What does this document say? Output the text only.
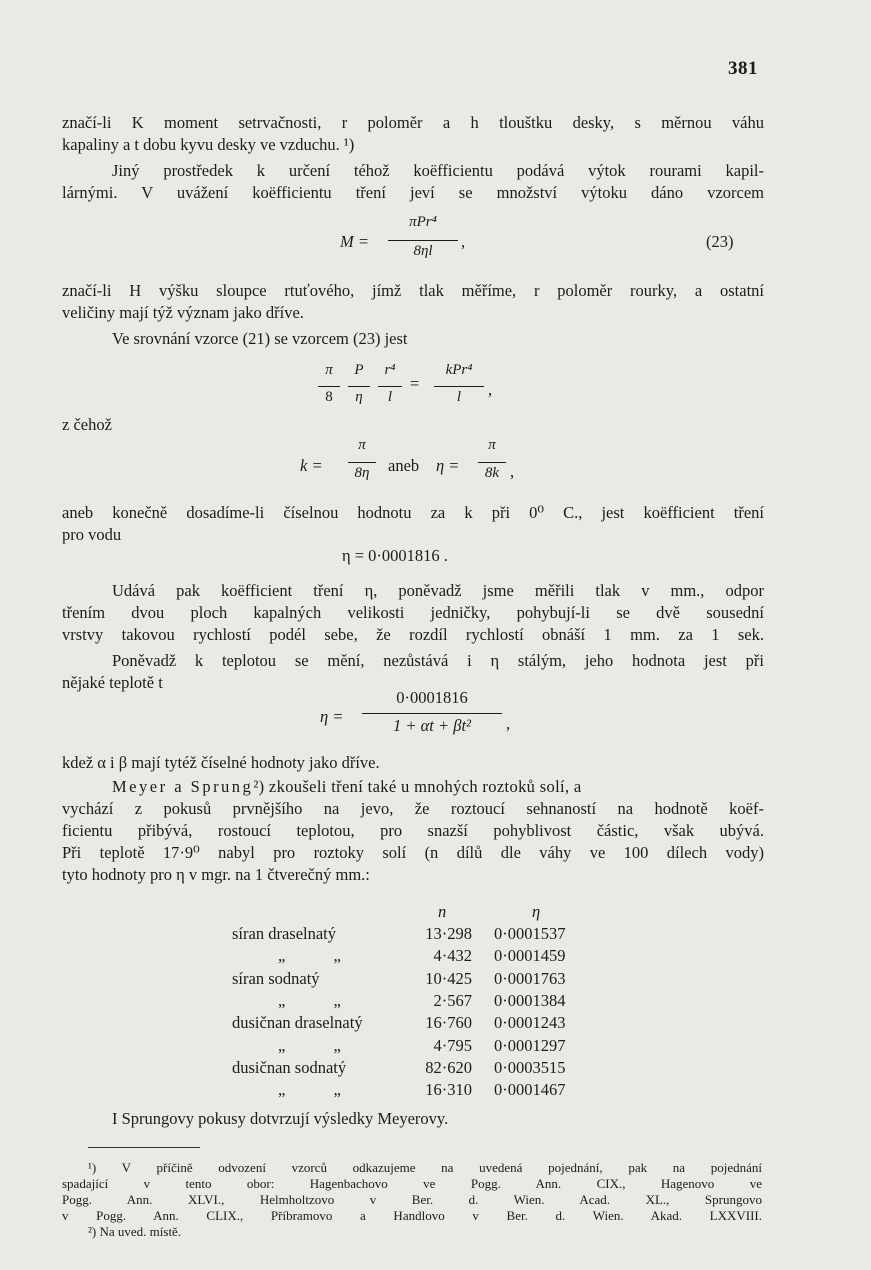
381
značí-li K moment setrvačnosti, r poloměr a h tlouštku desky, s měrnou váhu
kapaliny a t dobu kyvu desky ve vzduchu. ¹)
Jiný prostředek k určení téhož koëfficientu podává výtok rourami kapil-
lárnými. V uvážení koëfficientu tření jeví se množství výtoku dáno vzorcem
M =
πPr⁴
8ηl	,	(23)
značí-li H výšku sloupce rtuťového, jímž tlak měříme, r poloměr rourky, a ostatní
veličiny mají týž význam jako dříve.
Ve srovnání vzorce (21) se vzorcem (23) jest
π
8
P
η
r⁴
l
=
kPr⁴
l	,
z čehož
k =
π
8η	aneb η =
π
8k ,
aneb konečně dosadíme-li číselnou hodnotu za k při 0⁰ C., jest koëfficient tření
pro vodu
η = 0·0001816 .
Udává pak koëfficient tření η, poněvadž jsme měřili tlak v mm., odpor
třením dvou ploch kapalných velikosti jedničky, pohybují-li se dvě sousední
vrstvy takovou rychlostí podél sebe, že rozdíl rychlostí obnáší 1 mm. za 1 sek.
Poněvadž k teplotou se mění, nezůstává i η stálým, jeho hodnota jest při
nějaké teplotě t
η =
0·0001816
1 + αt + βt²	,
kdež α i β mají tytéž číselné hodnoty jako dříve.
Meyer a Sprung²) zkoušeli tření také u mnohých roztoků solí, a
vychází z pokusů prvnějšího na jevo, že roztoucí sehnaností na hodnotě koëf-
ficientu přibývá, rostoucí teplotou, pro snazší pohyblivost částic, však ubývá.
Při teplotě 17·9⁰ nabyl pro roztoky solí (n dílů dle váhy ve 100 dílech vody)
tyto hodnoty pro η v mgr. na 1 čtverečný mm.:
n	η
síran draselnatý	13·298 0·0001537
„ „	4·432 0·0001459
síran sodnatý	10·425 0·0001763
„ „	2·567 0·0001384
dusičnan draselnatý	16·760 0·0001243
„ „	4·795 0·0001297
dusičnan sodnatý	82·620 0·0003515
„ „	16·310 0·0001467
I Sprungovy pokusy dotvrzují výsledky Meyerovy.
¹) V příčině odvození vzorců odkazujeme na uvedená pojednání, pak na pojednání
spadající v tento obor: Hagenbachovo ve Pogg. Ann. CIX., Hagenovo ve
Pogg. Ann. XLVI., Helmholtzovo v Ber. d. Wien. Acad. XL., Sprungovo
v Pogg. Ann. CLIX., Příbramovo a Handlovo v Ber. d. Wien. Akad. LXXVIII.
²) Na uved. místě.
